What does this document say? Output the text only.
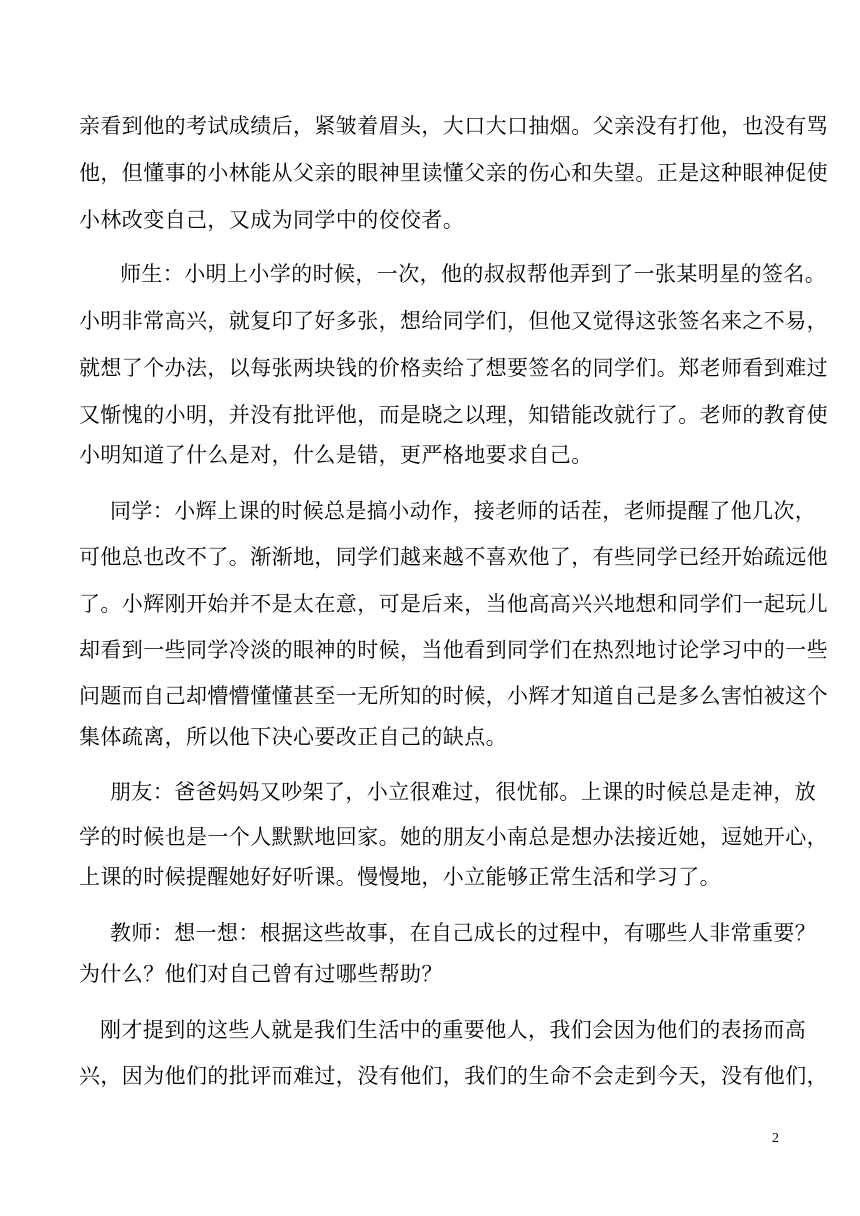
亲看到他的考试成绩后，紧皱着眉头，大口大口抽烟。父亲没有打他，也没有骂
他，但懂事的小林能从父亲的眼神里读懂父亲的伤心和失望。正是这种眼神促使
小林改变自己，又成为同学中的佼佼者。
师生：小明上小学的时候，一次，他的叔叔帮他弄到了一张某明星的签名。
小明非常高兴，就复印了好多张，想给同学们，但他又觉得这张签名来之不易，
就想了个办法，以每张两块钱的价格卖给了想要签名的同学们。郑老师看到难过
又惭愧的小明，并没有批评他，而是晓之以理，知错能改就行了。老师的教育使
小明知道了什么是对，什么是错，更严格地要求自己。
同学：小辉上课的时候总是搞小动作，接老师的话茬，老师提醒了他几次，
可他总也改不了。渐渐地，同学们越来越不喜欢他了，有些同学已经开始疏远他
了。小辉刚开始并不是太在意，可是后来，当他高高兴兴地想和同学们一起玩儿
却看到一些同学冷淡的眼神的时候，当他看到同学们在热烈地讨论学习中的一些
问题而自己却懵懵懂懂甚至一无所知的时候，小辉才知道自己是多么害怕被这个
集体疏离，所以他下决心要改正自己的缺点。
朋友：爸爸妈妈又吵架了，小立很难过，很忧郁。上课的时候总是走神，放
学的时候也是一个人默默地回家。她的朋友小南总是想办法接近她，逗她开心，
上课的时候提醒她好好听课。慢慢地，小立能够正常生活和学习了。
教师：想一想：根据这些故事，在自己成长的过程中，有哪些人非常重要？
为什么？他们对自己曾有过哪些帮助？
刚才提到的这些人就是我们生活中的重要他人，我们会因为他们的表扬而高
兴，因为他们的批评而难过，没有他们，我们的生命不会走到今天，没有他们，
2
